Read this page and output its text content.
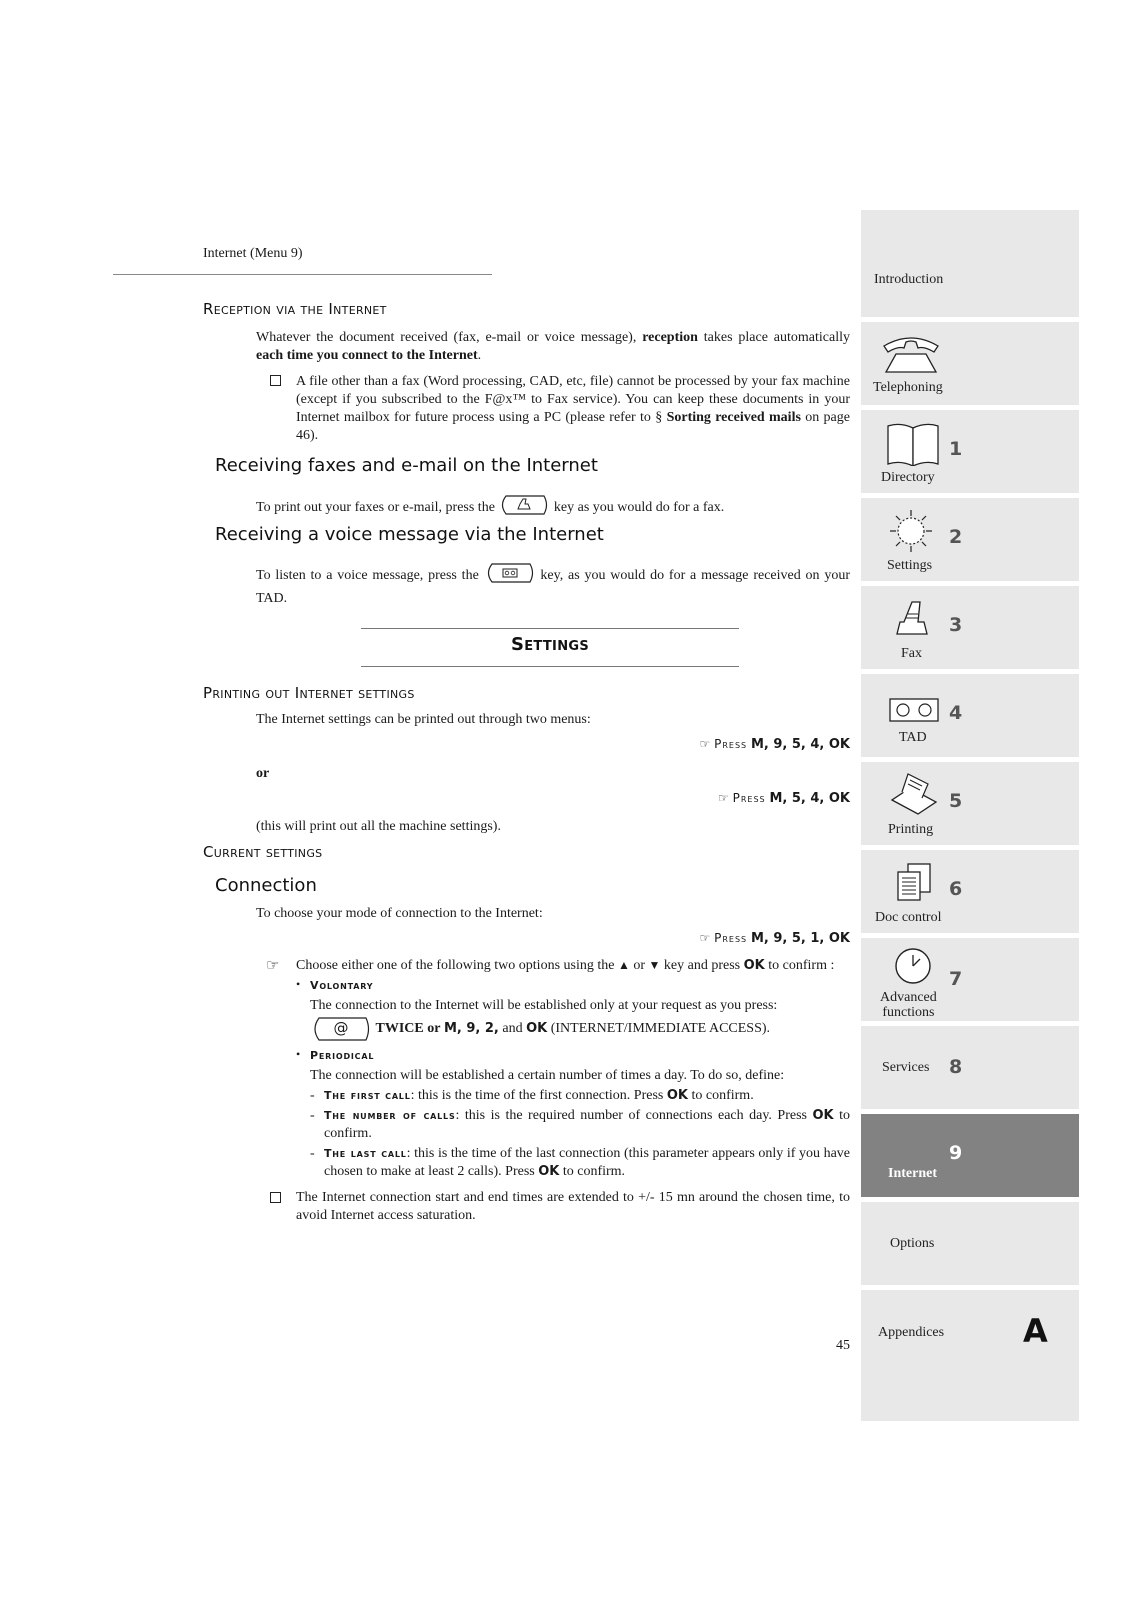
Internet (Menu 9)
Reception via the Internet
Whatever the document received (fax, e-mail or voice message), reception takes place automatically each time you connect to the Internet.
A file other than a fax (Word processing, CAD, etc, file) cannot be processed by your fax machine (except if you subscribed to the F@x™ to Fax service). You can keep these documents in your Internet mailbox for future process using a PC (please refer to § Sorting received mails on page 46).
Receiving faxes and e-mail on the Internet
To print out your faxes or e-mail, press the	key as you would do for a fax.
Receiving a voice message via the Internet
To listen to a voice message, press the	key, as you would do for a message received on your TAD.
Settings
Printing out Internet settings
The Internet settings can be printed out through two menus:
☞ Press M, 9, 5, 4, OK
or
☞ Press M, 5, 4, OK
(this will print out all the machine settings).
Current settings
Connection
To choose your mode of connection to the Internet:
☞ Press M, 9, 5, 1, OK
☞ Choose either one of the following two options using the ▲ or ▼ key and press OK to confirm :
• Volontary
The connection to the Internet will be established only at your request as you press:
@	TWICE or M, 9, 2, and OK (INTERNET/IMMEDIATE ACCESS).
• Periodical
The connection will be established a certain number of times a day. To do so, define:
- The first call: this is the time of the first connection. Press OK to confirm.
- The number of calls: this is the required number of connections each day. Press OK to confirm.
- The last call: this is the time of the last connection (this parameter appears only if you have chosen to make at least 2 calls). Press OK to confirm.
The Internet connection start and end times are extended to +/- 15 mn around the chosen time, to avoid Internet access saturation.
45
Introduction
Telephoning
1
Directory
2
Settings
3
Fax
4
TAD
5
Printing
6
Doc control
7
Advanced
functions
Services 8
9
Internet
Options
Appendices A
